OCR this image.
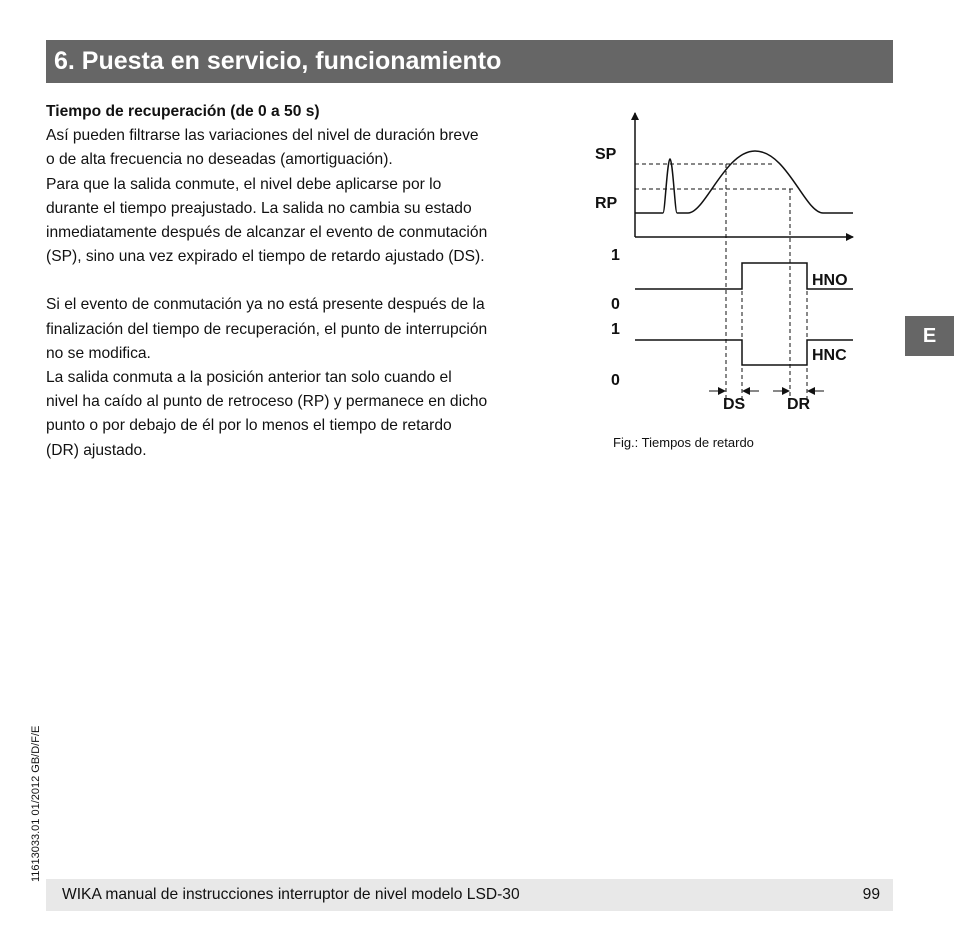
6. Puesta en servicio, funcionamiento

Tiempo de recuperación (de 0 a 50 s)

Así pueden filtrarse las variaciones del nivel de duración breve

o de alta frecuencia no deseadas (amortiguación).

Para que la salida conmute, el nivel debe aplicarse por lo

durante el tiempo preajustado. La salida no cambia su estado

inmediatamente después de alcanzar el evento de conmutación

(SP), sino una vez expirado el tiempo de retardo ajustado (DS).

Si el evento de conmutación ya no está presente después de la

finalización del tiempo de recuperación, el punto de interrupción

no se modifica.

La salida conmuta a la posición anterior tan solo cuando el

nivel ha caído al punto de retroceso (RP) y permanece en dicho

punto o por debajo de él por lo menos el tiempo de retardo

(DR) ajustado.

SP
RP
1
0
1
0
HNO
HNC
DS	DR
Fig.: Tiempos de retardo
E
11613033.01 01/2012 GB/D/F/E
WIKA manual de instrucciones interruptor de nivel modelo LSD-30	99
